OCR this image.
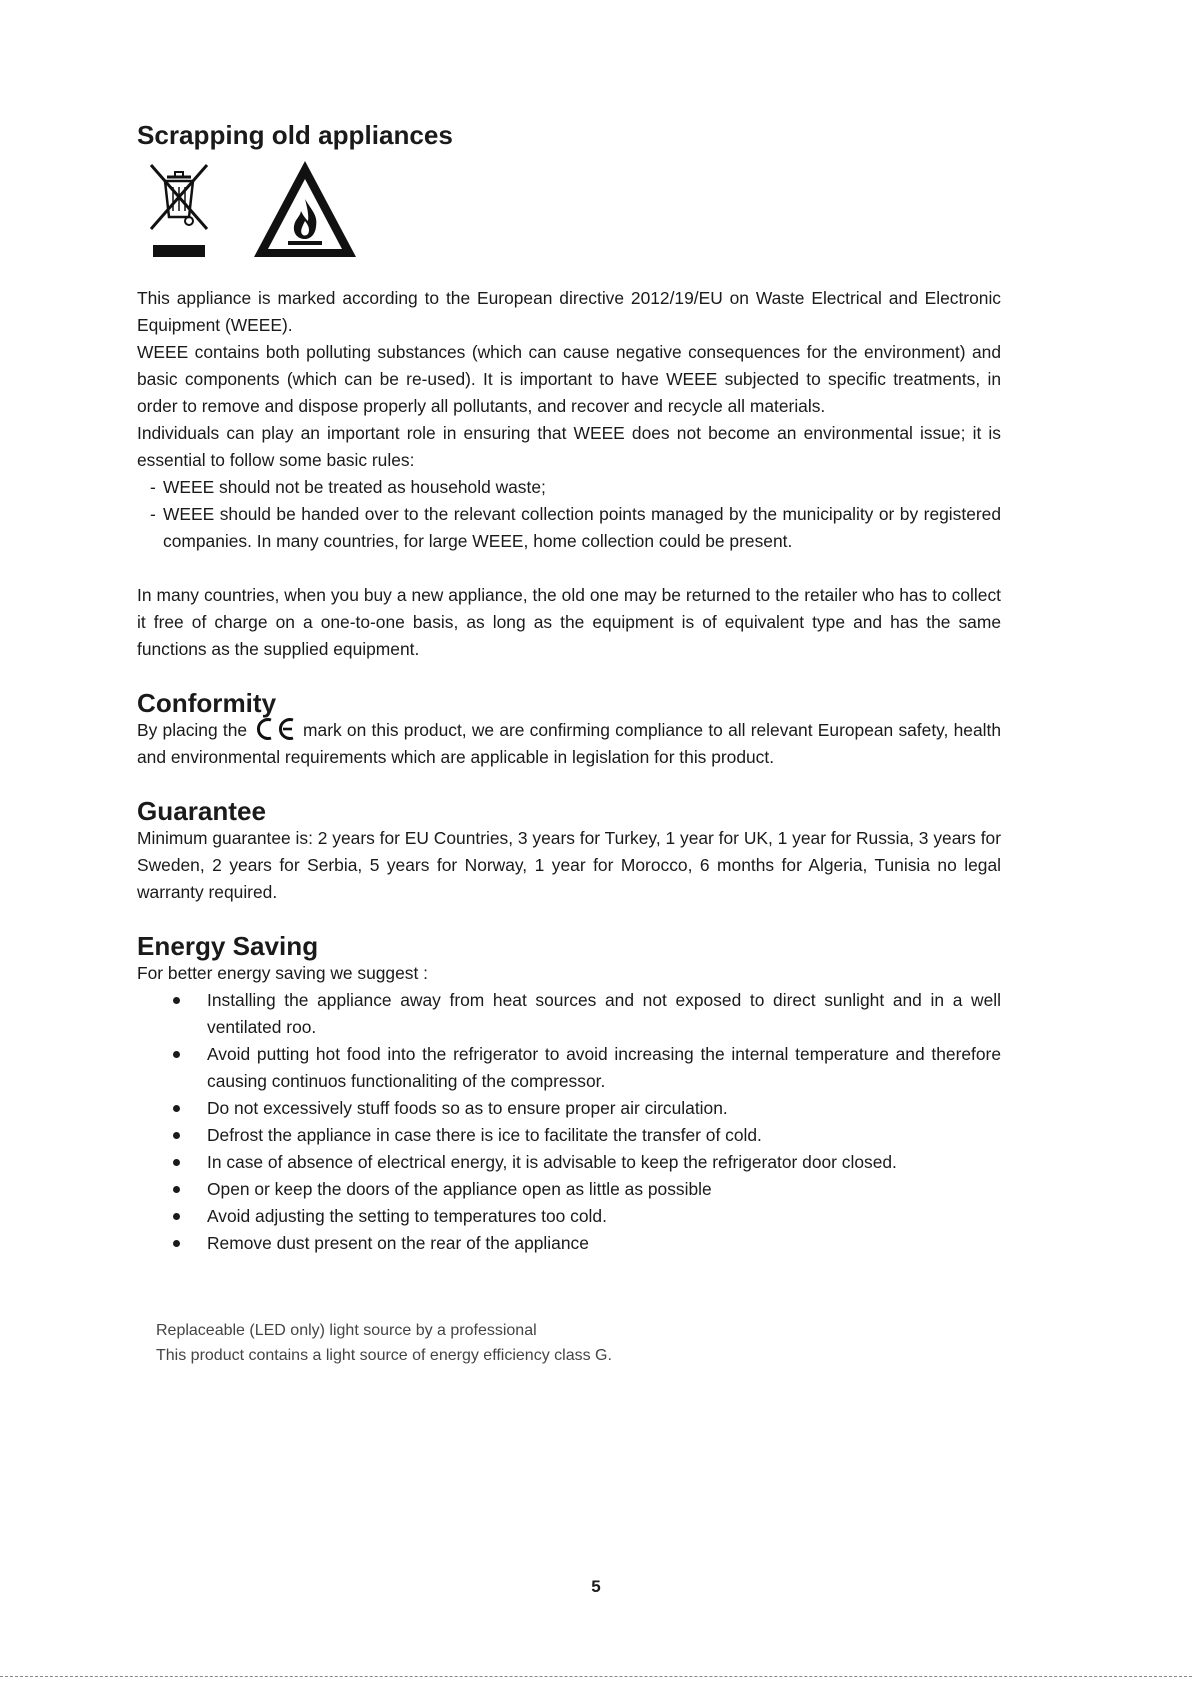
Scrapping old appliances

This appliance is marked according to the European directive 2012/19/EU on Waste Electrical and Electronic Equipment (WEEE).

WEEE contains both polluting substances (which can cause negative consequences for the environment) and basic components (which can be re-used). It is important to have WEEE subjected to specific treatments, in order to remove and dispose properly all pollutants, and recover and recycle all materials.

Individuals can play an important role in ensuring that WEEE does not become an environmental issue; it is essential to follow some basic rules:

- WEEE should not be treated as household waste;
- WEEE should be handed over to the relevant collection points managed by the municipality or by registered companies. In many countries, for large WEEE, home collection could be present.

In many countries, when you buy a new appliance, the old one may be returned to the retailer who has to collect it free of charge on a one-to-one basis, as long as the equipment is of equivalent type and has the same functions as the supplied equipment.

Conformity

By placing the	mark on this product, we are confirming compliance to all relevant European safety, health and environmental requirements which are applicable in legislation for this product.

Guarantee

Minimum guarantee is: 2 years for EU Countries, 3 years for Turkey, 1 year for UK, 1 year for Russia, 3 years for Sweden, 2 years for Serbia, 5 years for Norway, 1 year for Morocco, 6 months for Algeria, Tunisia no legal warranty required.

Energy Saving

For better energy saving we suggest :

Installing the appliance away from heat sources and not exposed to direct sunlight and in a well ventilated roo.
Avoid putting hot food into the refrigerator to avoid increasing the internal temperature and therefore causing continuos functionaliting of the compressor.
Do not excessively stuff foods so as to ensure proper air circulation.
Defrost the appliance in case there is ice to facilitate the transfer of cold.
In case of absence of electrical energy, it is advisable to keep the refrigerator door closed.
Open or keep the doors of the appliance open as little as possible
Avoid adjusting the setting to temperatures too cold.
Remove dust present on the rear of the appliance
Replaceable (LED only) light source by a professional
This product contains a light source of energy efficiency class G.
5
